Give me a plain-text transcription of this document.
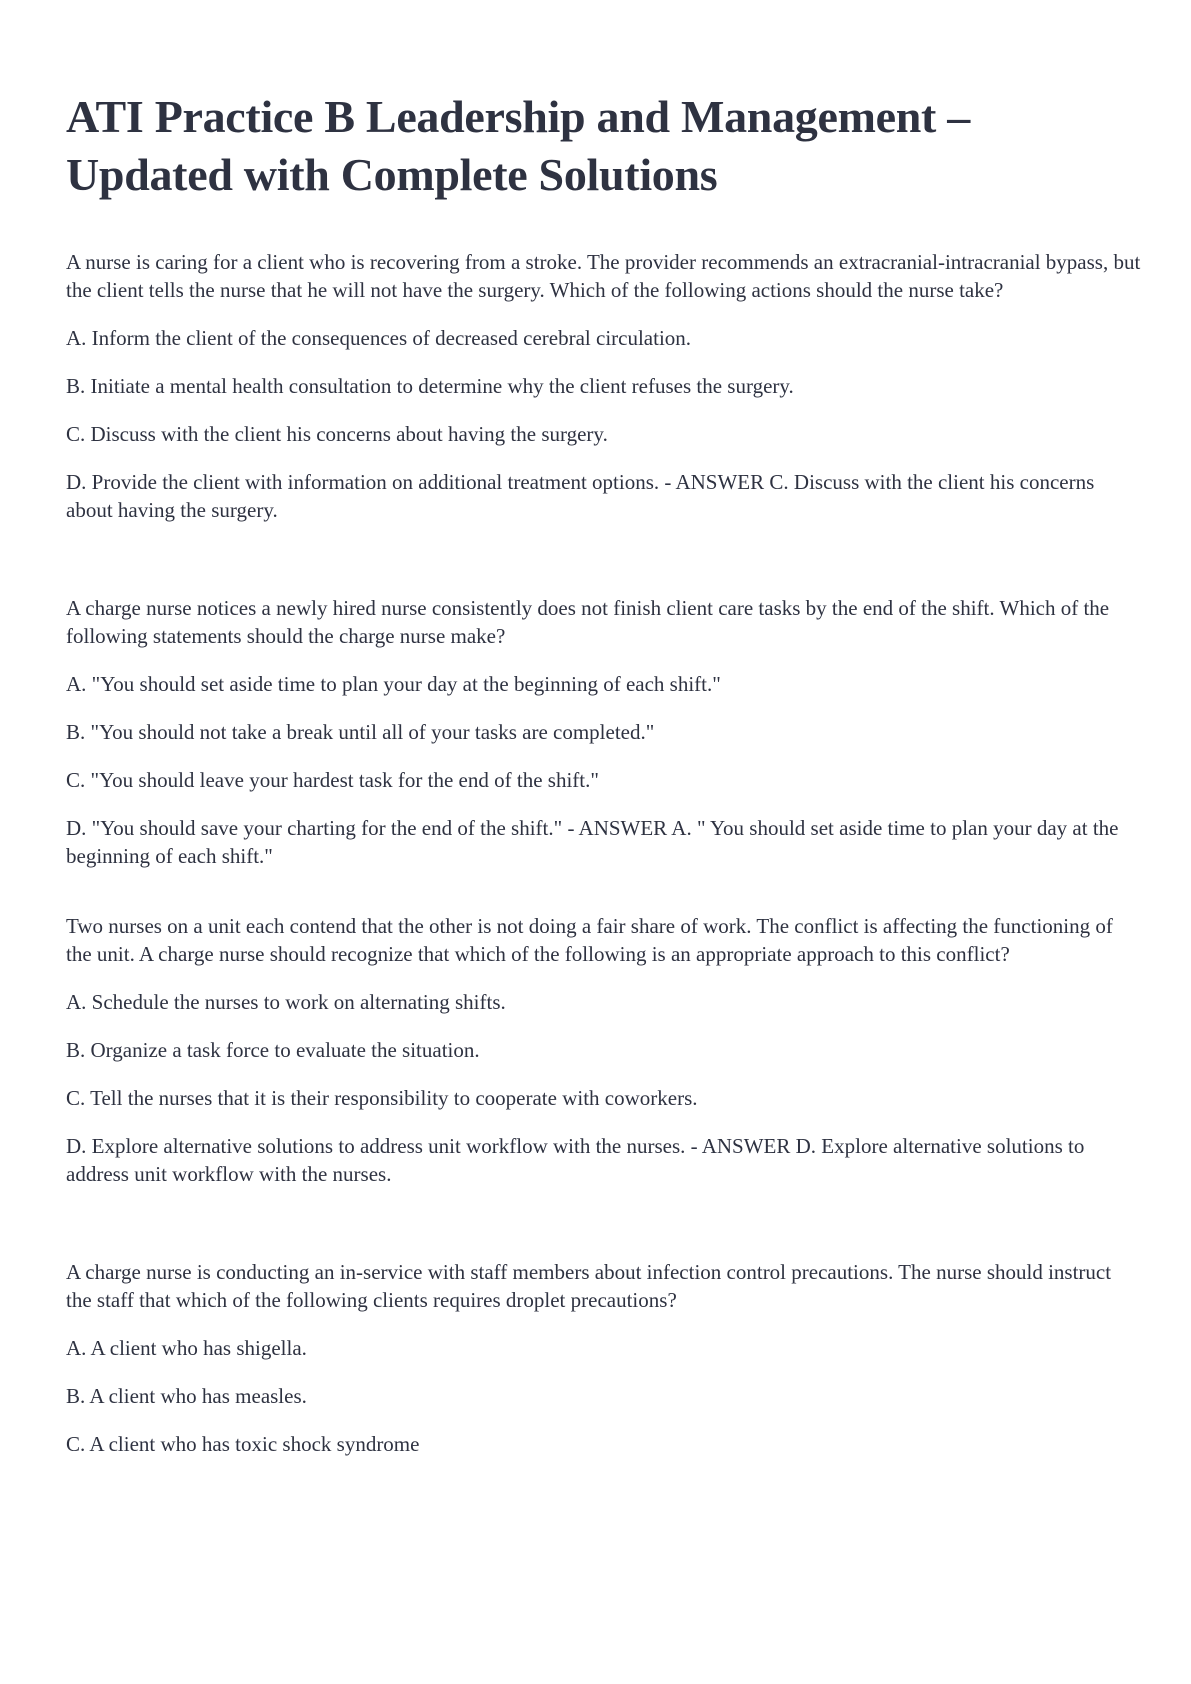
ATI Practice B Leadership and Management – Updated with Complete Solutions

A nurse is caring for a client who is recovering from a stroke. The provider recommends an extracranial-intracranial bypass, but the client tells the nurse that he will not have the surgery. Which of the following actions should the nurse take?

A. Inform the client of the consequences of decreased cerebral circulation.

B. Initiate a mental health consultation to determine why the client refuses the surgery.

C. Discuss with the client his concerns about having the surgery.

D. Provide the client with information on additional treatment options. - ANSWER C. Discuss with the client his concerns about having the surgery.

A charge nurse notices a newly hired nurse consistently does not finish client care tasks by the end of the shift. Which of the following statements should the charge nurse make?

A. "You should set aside time to plan your day at the beginning of each shift."

B. "You should not take a break until all of your tasks are completed."

C. "You should leave your hardest task for the end of the shift."

D. "You should save your charting for the end of the shift." - ANSWER A. " You should set aside time to plan your day at the beginning of each shift."

Two nurses on a unit each contend that the other is not doing a fair share of work. The conflict is affecting the functioning of the unit. A charge nurse should recognize that which of the following is an appropriate approach to this conflict?

A. Schedule the nurses to work on alternating shifts.

B. Organize a task force to evaluate the situation.

C. Tell the nurses that it is their responsibility to cooperate with coworkers.

D. Explore alternative solutions to address unit workflow with the nurses. - ANSWER D. Explore alternative solutions to address unit workflow with the nurses.

A charge nurse is conducting an in-service with staff members about infection control precautions. The nurse should instruct the staff that which of the following clients requires droplet precautions?

A. A client who has shigella.

B. A client who has measles.

C. A client who has toxic shock syndrome
